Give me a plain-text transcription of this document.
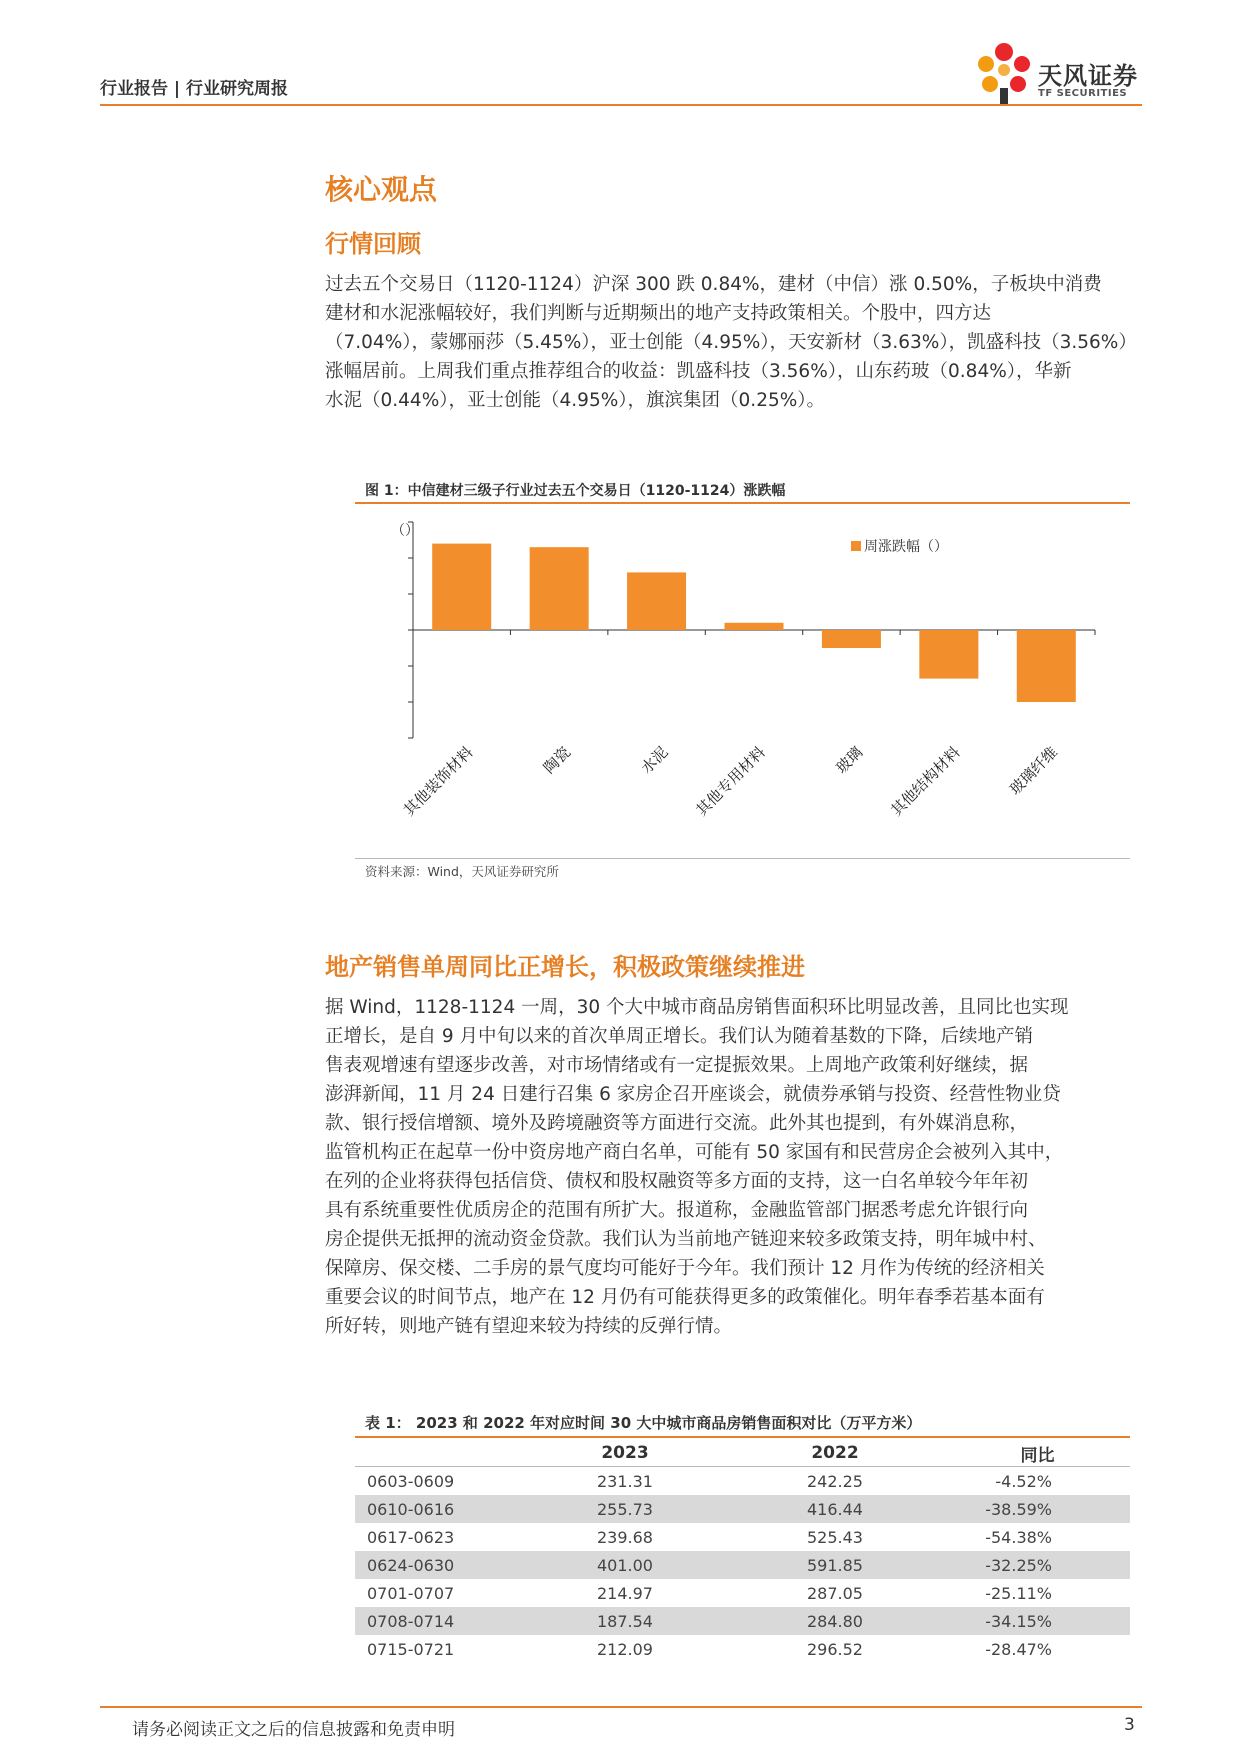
行业报告 | 行业研究周报	天风证券
TF SECURITIES
核心观点
行情回顾
过去五个交易日（1120-1124）沪深 300 跌 0.84%，建材（中信）涨 0.50%，子板块中消费
建材和水泥涨幅较好，我们判断与近期频出的地产支持政策相关。个股中，四方达
（7.04%），蒙娜丽莎（5.45%），亚士创能（4.95%），天安新材（3.63%），凯盛科技（3.56%）
涨幅居前。上周我们重点推荐组合的收益：凯盛科技（3.56%），山东药玻（0.84%），华新
水泥（0.44%），亚士创能（4.95%），旗滨集团（0.25%）。
图 1：中信建材三级子行业过去五个交易日（1120-1124）涨跌幅
（）
其他装饰材料	陶瓷	水泥 其他专用材料	玻璃 其他结构材料	玻璃纤维
周涨跌幅（）
资料来源：Wind，天风证券研究所
地产销售单周同比正增长，积极政策继续推进
据 Wind，1128-1124 一周，30 个大中城市商品房销售面积环比明显改善，且同比也实现
正增长，是自 9 月中旬以来的首次单周正增长。我们认为随着基数的下降，后续地产销
售表观增速有望逐步改善，对市场情绪或有一定提振效果。上周地产政策利好继续，据
澎湃新闻，11 月 24 日建行召集 6 家房企召开座谈会，就债券承销与投资、经营性物业贷
款、银行授信增额、境外及跨境融资等方面进行交流。此外其也提到，有外媒消息称，
监管机构正在起草一份中资房地产商白名单，可能有 50 家国有和民营房企会被列入其中，
在列的企业将获得包括信贷、债权和股权融资等多方面的支持，这一白名单较今年年初
具有系统重要性优质房企的范围有所扩大。报道称，金融监管部门据悉考虑允许银行向
房企提供无抵押的流动资金贷款。我们认为当前地产链迎来较多政策支持，明年城中村、
保障房、保交楼、二手房的景气度均可能好于今年。我们预计 12 月作为传统的经济相关
重要会议的时间节点，地产在 12 月仍有可能获得更多的政策催化。明年春季若基本面有
所好转，则地产链有望迎来较为持续的反弹行情。
表 1： 2023 和 2022 年对应时间 30 大中城市商品房销售面积对比（万平方米）
	2023	2022	同比
0603-0609	231.31	242.25	-4.52%
0610-0616	255.73	416.44	-38.59%
0617-0623	239.68	525.43	-54.38%
0624-0630	401.00	591.85	-32.25%
0701-0707	214.97	287.05	-25.11%
0708-0714	187.54	284.80	-34.15%
0715-0721	212.09	296.52	-28.47%
请务必阅读正文之后的信息披露和免责申明	3
